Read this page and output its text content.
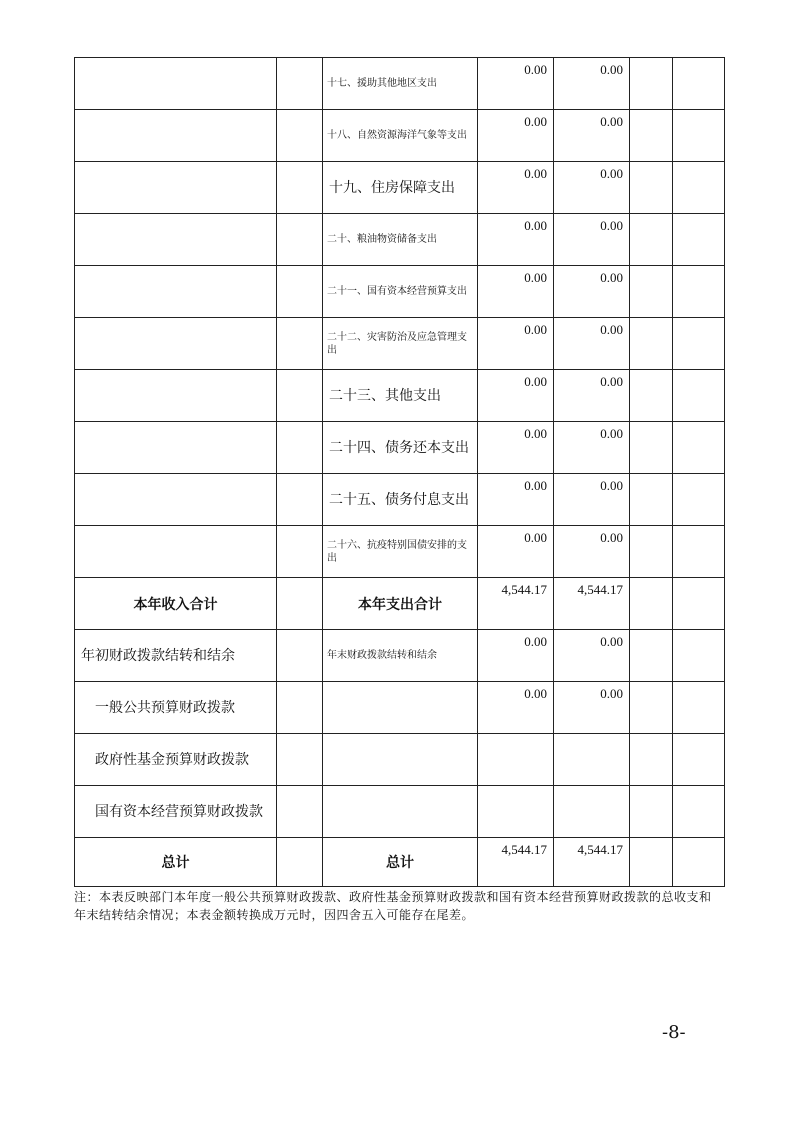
		十七、援助其他地区支出	0.00	0.00		
		十八、自然资源海洋气象等支出	0.00	0.00		
		十九、住房保障支出	0.00	0.00		
		二十、粮油物资储备支出	0.00	0.00		
		二十一、国有资本经营预算支出	0.00	0.00		
		二十二、灾害防治及应急管理支出	0.00	0.00		
		二十三、其他支出	0.00	0.00		
		二十四、债务还本支出	0.00	0.00		
		二十五、债务付息支出	0.00	0.00		
		二十六、抗疫特别国债安排的支出	0.00	0.00		
本年收入合计		本年支出合计	4,544.17	4,544.17		
年初财政拨款结转和结余		年末财政拨款结转和结余	0.00	0.00		
一般公共预算财政拨款			0.00	0.00		
政府性基金预算财政拨款						
国有资本经营预算财政拨款						
总计		总计	4,544.17	4,544.17		
注：本表反映部门本年度一般公共预算财政拨款、政府性基金预算财政拨款和国有资本经营预算财政拨款的总收支和年末结转结余情况；本表金额转换成万元时，因四舍五入可能存在尾差。
-8-
